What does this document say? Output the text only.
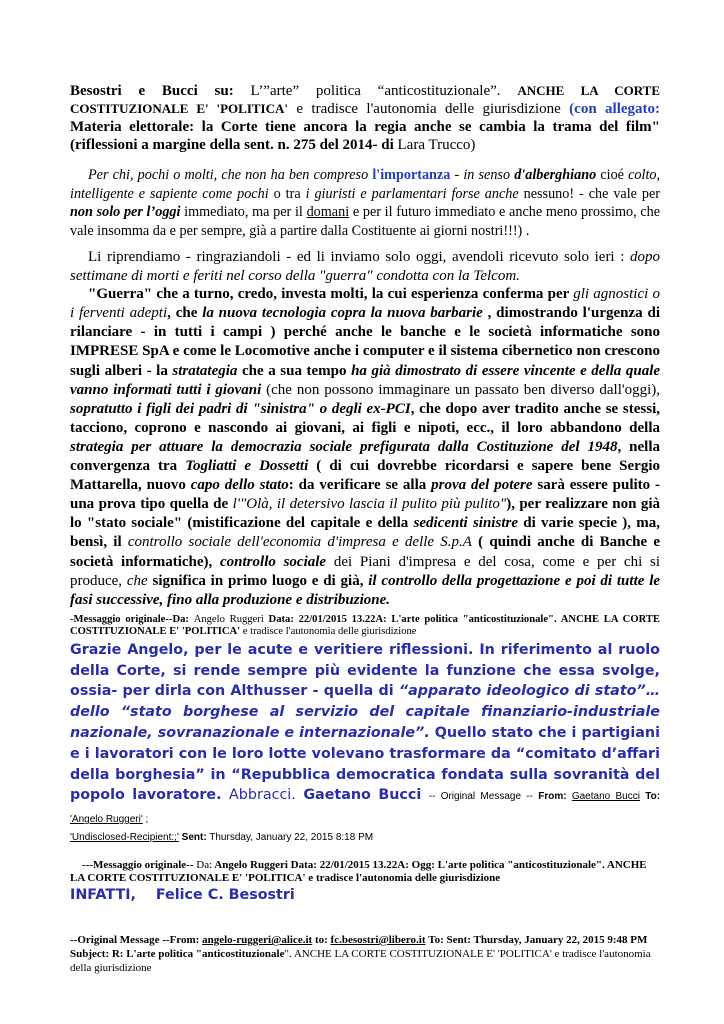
Besostri e Bucci su: L’”arte” politica “anticostituzionale”. ANCHE LA CORTE COSTITUZIONALE E' 'POLITICA' e tradisce l'autonomia delle giurisdizione (con allegato: Materia elettorale: la Corte tiene ancora la regia anche se cambia la trama del film" (riflessioni a margine della sent. n. 275 del 2014- di Lara Trucco)

Per chi, pochi o molti, che non ha ben compreso l'importanza - in senso d'alberghiano cioé colto, intelligente e sapiente come pochi o tra i giuristi e parlamentari forse anche nessuno! - che vale per non solo per l’oggi immediato, ma per il domani e per il futuro immediato e anche meno prossimo, che vale insomma da e per sempre, già a partire dalla Costituente ai giorni nostri!!!) .

Li riprendiamo - ringraziandoli - ed li inviamo solo oggi, avendoli ricevuto solo ieri : dopo settimane di morti e feriti nel corso della "guerra" condotta con la Telcom.

"Guerra" che a turno, credo, investa molti, la cui esperienza conferma per gli agnostici o i ferventi adepti, che la nuova tecnologia copra la nuova barbarie , dimostrando l'urgenza di rilanciare - in tutti i campi ) perché anche le banche e le società informatiche sono IMPRESE SpA e come le Locomotive anche i computer e il sistema cibernetico non crescono sugli alberi - la stratategia che a sua tempo ha già dimostrato di essere vincente e della quale vanno informati tutti i giovani (che non possono immaginare un passato ben diverso dall'oggi), sopratutto i figli dei padri di "sinistra" o degli ex-PCI, che dopo aver tradito anche se stessi, tacciono, coprono e nascondo ai giovani, ai figli e nipoti, ecc., il loro abbandono della strategia per attuare la democrazia sociale prefigurata dalla Costituzione del 1948, nella convergenza tra Togliatti e Dossetti ( di cui dovrebbe ricordarsi e sapere bene Sergio Mattarella, nuovo capo dello stato: da verificare se alla prova del potere sarà essere pulito - una prova tipo quella de l'"Olà, il detersivo lascia il pulito più pulito"), per realizzare non già lo "stato sociale" (mistificazione del capitale e della sedicenti sinistre di varie specie ), ma, bensì, il controllo sociale dell'economia d'impresa e delle S.p.A ( quindi anche di Banche e società informatiche), controllo sociale dei Piani d'impresa e del cosa, come e per chi si produce, che significa in primo luogo e di già, il controllo della progettazione e poi di tutte le fasi successive, fino alla produzione e distribuzione.

-Messaggio originale--Da: Angelo Ruggeri Data: 22/01/2015 13.22A: L'arte politica "anticostituzionale". ANCHE LA CORTE COSTITUZIONALE E' 'POLITICA' e tradisce l'autonomia delle giurisdizione

Grazie Angelo, per le acute e veritiere riflessioni. In riferimento al ruolo della Corte, si rende sempre più evidente la funzione che essa svolge, ossia- per dirla con Althusser - quella di “apparato ideologico di stato”… dello “stato borghese al servizio del capitale finanziario-industriale nazionale, sovranazionale e internazionale”. Quello stato che i partigiani e i lavoratori con le loro lotte volevano trasformare da “comitato d’affari della borghesia” in “Repubblica democratica fondata sulla sovranità del popolo lavoratore. Abbracci. Gaetano Bucci -- Original Message -- From: Gaetano Bucci To: 'Angelo Ruggeri' ;

'Undisclosed-Recipient:;' Sent: Thursday, January 22, 2015 8:18 PM

---Messaggio originale-- Da: Angelo Ruggeri Data: 22/01/2015 13.22A: Ogg: L'arte politica "anticostituzionale". ANCHE LA CORTE COSTITUZIONALE E' 'POLITICA' e tradisce l'autonomia delle giurisdizione

INFATTI, Felice C. Besostri

--Original Message --From: angelo-ruggeri@alice.it to: fc.besostri@libero.it To: Sent: Thursday, January 22, 2015 9:48 PM Subject: R: L'arte politica "anticostituzionale". ANCHE LA CORTE COSTITUZIONALE E' 'POLITICA' e tradisce l'autonomia della giurisdizione
